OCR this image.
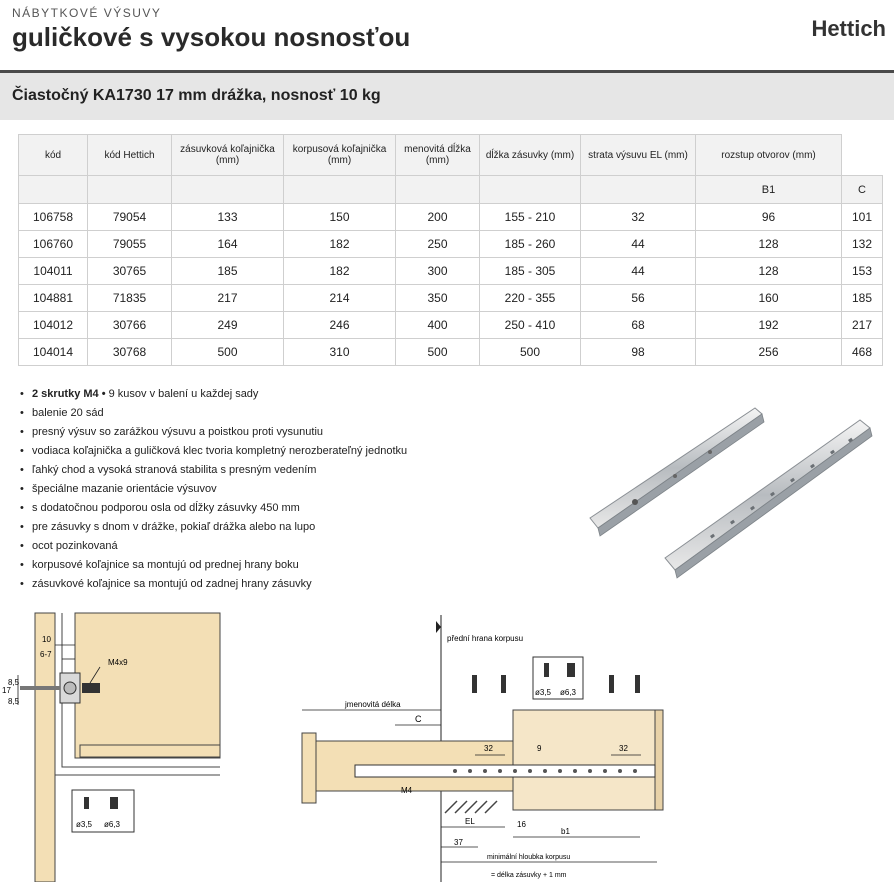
NÁBYTKOVÉ VÝSUVY
guličkové s vysokou nosnosťou	Hettich
Čiastočný KA1730 17 mm drážka, nosnosť 10 kg
kód	kód Hettich	zásuvková koľajnička (mm)	korpusová koľajnička (mm)	menovitá dĺžka (mm)	dĺžka zásuvky (mm)	strata výsuvu EL (mm)	rozstup otvorov (mm)	
							B1	C
106758	79054	133	150	200	155 - 210	32	96	101
106760	79055	164	182	250	185 - 260	44	128	132
104011	30765	185	182	300	185 - 305	44	128	153
104881	71835	217	214	350	220 - 355	56	160	185
104012	30766	249	246	400	250 - 410	68	192	217
104014	30768	500	310	500	500	98	256	468
• 2 skrutky M4 • 9 kusov v balení u každej sady
• balenie 20 sád
• presný výsuv so zarážkou výsuvu a poistkou proti vysunutiu
• vodiaca koľajnička a guličková klec tvoria kompletný nerozberateľný jednotku
• ľahký chod a vysoká stranová stabilita s presným vedením
• špeciálne mazanie orientácie výsuvov
• s dodatočnou podporou osla od dĺžky zásuvky 450 mm
• pre zásuvky s dnom v drážke, pokiaľ drážka alebo na lupo
• ocot pozinkovaná
• korpusové koľajnice sa montujú od prednej hrany boku
• zásuvkové koľajnice sa montujú od zadnej hrany zásuvky
10
6-7
M4x9
17
8,5
8,5
ø3,5 ø6,3
přední hrana korpusu
ø3,5 ø6,3
jmenovitá délka
C
32	9	32
M4
EL	16
b1
37
minimální hloubka korpusu
= délka zásuvky + 1 mm
